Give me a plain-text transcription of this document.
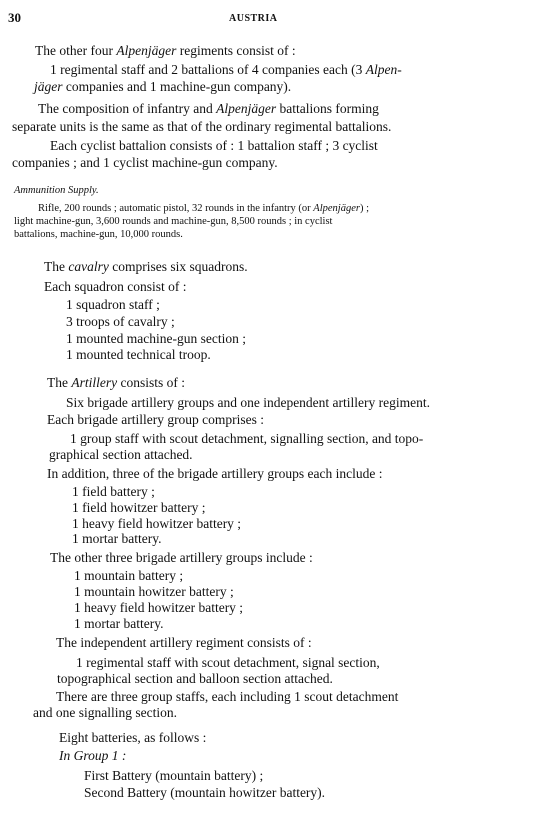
30	AUSTRIA
The other four Alpenjäger regiments consist of :
1 regimental staff and 2 battalions of 4 companies each (3 Alpen-
jäger companies and 1 machine-gun company).
The composition of infantry and Alpenjäger battalions forming
separate units is the same as that of the ordinary regimental battalions.
Each cyclist battalion consists of : 1 battalion staff ; 3 cyclist
companies ; and 1 cyclist machine-gun company.
Ammunition Supply.
Rifle, 200 rounds ; automatic pistol, 32 rounds in the infantry (or Alpenjäger) ;
light machine-gun, 3,600 rounds and machine-gun, 8,500 rounds ; in cyclist
battalions, machine-gun, 10,000 rounds.
The cavalry comprises six squadrons.
Each squadron consist of :
1 squadron staff ;
3 troops of cavalry ;
1 mounted machine-gun section ;
1 mounted technical troop.
The Artillery consists of :
Six brigade artillery groups and one independent artillery regiment.
Each brigade artillery group comprises :
1 group staff with scout detachment, signalling section, and topo-
graphical section attached.
In addition, three of the brigade artillery groups each include :
1 field battery ;
1 field howitzer battery ;
1 heavy field howitzer battery ;
1 mortar battery.
The other three brigade artillery groups include :
1 mountain battery ;
1 mountain howitzer battery ;
1 heavy field howitzer battery ;
1 mortar battery.
The independent artillery regiment consists of :
1 regimental staff with scout detachment, signal section,
topographical section and balloon section attached.
There are three group staffs, each including 1 scout detachment
and one signalling section.
Eight batteries, as follows :
In Group 1 :
First Battery (mountain battery) ;
Second Battery (mountain howitzer battery).
